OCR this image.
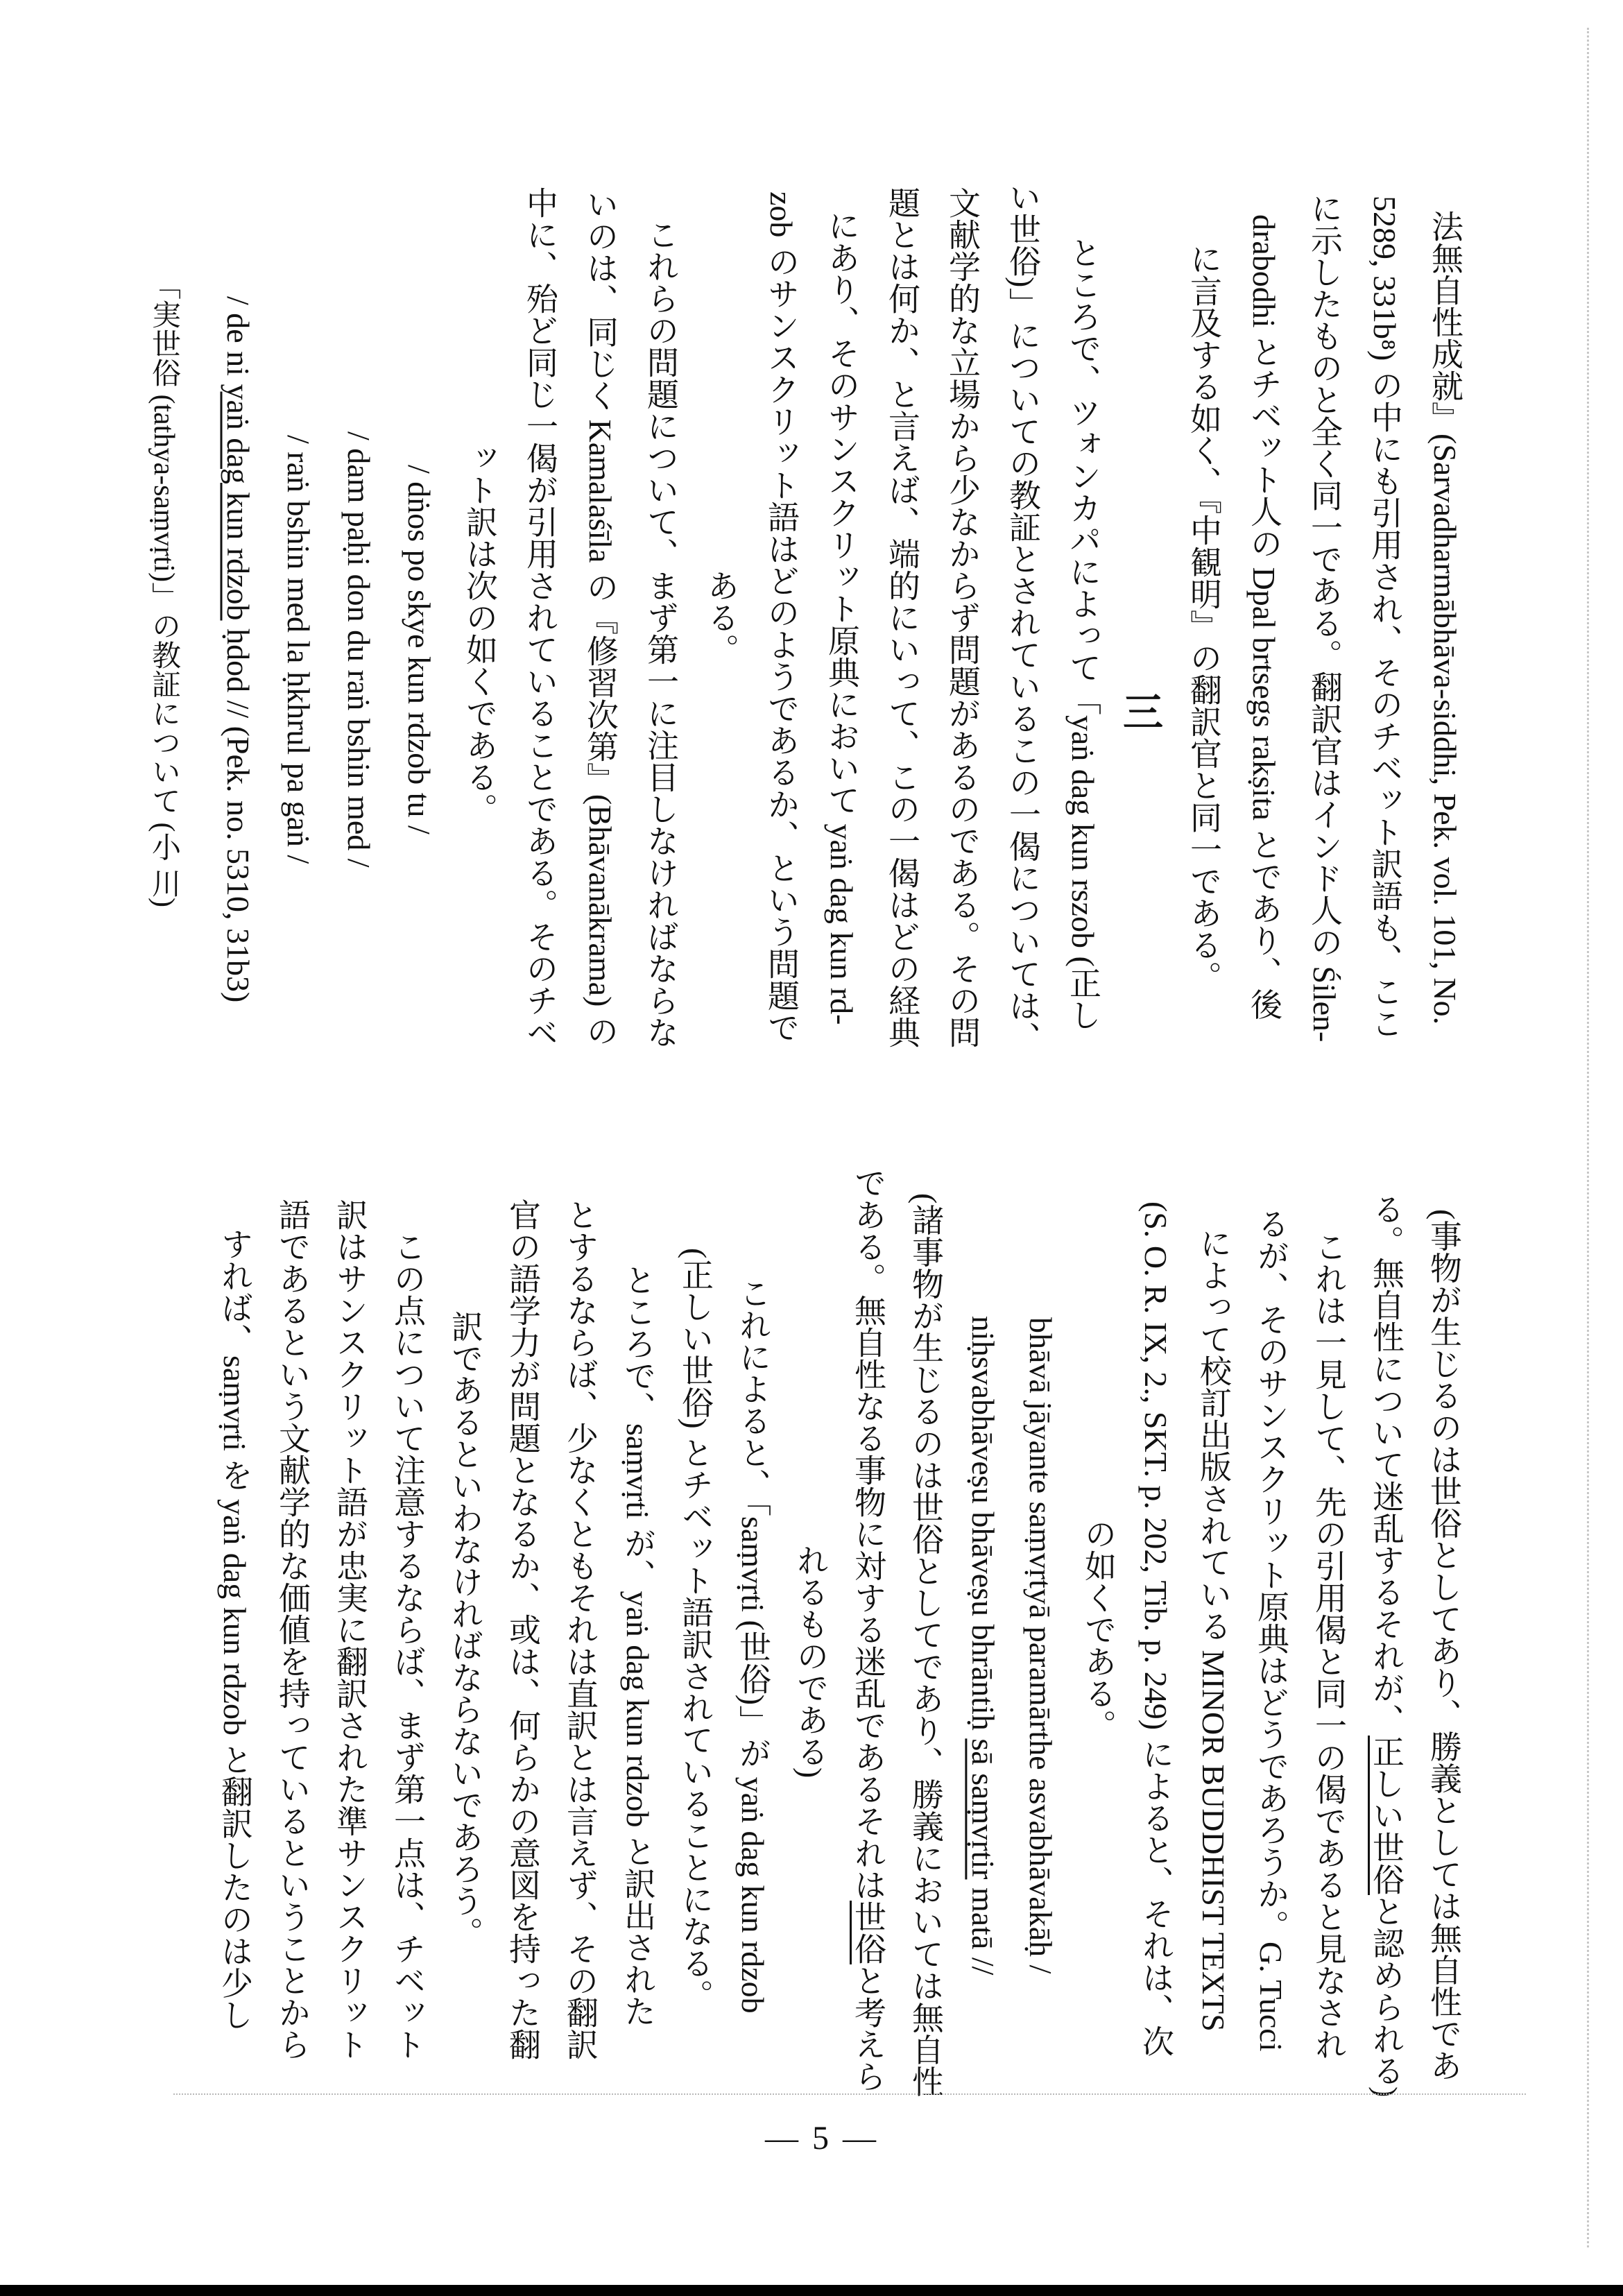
法無自性成就』(Sarvadharmābhāva-siddhi, Pek. vol. 101, No.
5289, 331b⁸) の中にも引用され、そのチベット訳語も、ここ
に示したものと全く同一である。翻訳官はインド人の Śilen-
drabodhi とチベット人の Dpal brtsegs rakṣita とであり、後
に言及する如く、『中観明』の翻訳官と同一である。
三
ところで、ツォンカパによって「yaṅ dag kun rszob (正し
い世俗)」についての教証とされているこの一偈については、
文献学的な立場から少なからず問題があるのである。その問
題とは何か、と言えば、端的にいって、この一偈はどの経典
にあり、そのサンスクリット原典において yaṅ dag kun rd-
zob のサンスクリット語はどのようであるか、という問題で
ある。
これらの問題について、まず第一に注目しなければならな
いのは、同じく Kamalaśīla の『修習次第』(Bhāvanākrama) の
中に、殆ど同じ一偈が引用されていることである。そのチベ
ット訳は次の如くである。
/ dṅos po skye kun rdzob tu /
/ dam paḥi don du raṅ bshin med /
/ raṅ bshin med la ḥkhrul pa gaṅ /
/ de ni yaṅ dag kun rdzob ḥdod // (Pek. no. 5310, 31b3)
「実世俗 (tathya-saṃvṛti)」の教証について (小 川)
(事物が生じるのは世俗としてあり、勝義としては無自性であ
る。無自性について迷乱するそれが、正しい世俗と認められる)
これは一見して、先の引用偈と同一の偈であると見なされ
るが、そのサンスクリット原典はどうであろうか。G. Tucci
によって校訂出版されている MINOR BUDDHIST TEXTS
(S. O. R. IX, 2., SKT. p. 202, Tib. p. 249) によると、それは、次
の如くである。
bhāvā jāyante saṃvṛtyā paramārthe asvabhāvakāḥ /
niḥsvabhāveṣu bhāveṣu bhrāntiḥ sā saṃvṛtir matā //
(諸事物が生じるのは世俗としてであり、勝義においては無自性
である。無自性なる事物に対する迷乱であるそれは世俗と考えら
れるものである)
これによると、「saṃvṛti (世俗)」が yaṅ dag kun rdzob
(正しい世俗) とチベット語訳されていることになる。
ところで、saṃvṛti が、yaṅ dag kun rdzob と訳出された
とするならば、少なくともそれは直訳とは言えず、その翻訳
官の語学力が問題となるか、或は、何らかの意図を持った翻
訳であるといわなければならないであろう。
この点について注意するならば、まず第一点は、チベット
訳はサンスクリット語が忠実に翻訳された準サンスクリット
語であるという文献学的な価値を持っているということから
すれば、saṃvṛti を yaṅ dag kun rdzob と翻訳したのは少し
— 5 —
